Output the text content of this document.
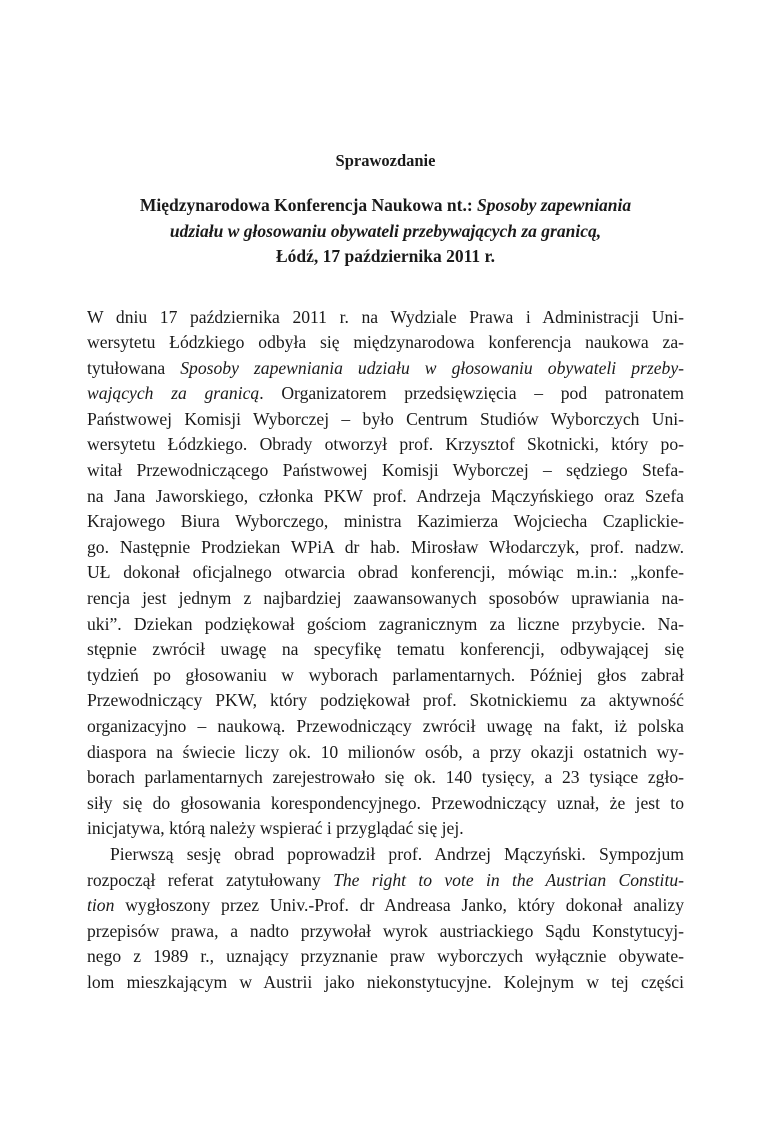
Sprawozdanie
Międzynarodowa Konferencja Naukowa nt.: Sposoby zapewniania
udziału w głosowaniu obywateli przebywających za granicą,
Łódź, 17 października 2011 r.
W dniu 17 października 2011 r. na Wydziale Prawa i Administracji Uni-
wersytetu Łódzkiego odbyła się międzynarodowa konferencja naukowa za-
tytułowana Sposoby zapewniania udziału w głosowaniu obywateli przeby-
wających za granicą. Organizatorem przedsięwzięcia – pod patronatem
Państwowej Komisji Wyborczej – było Centrum Studiów Wyborczych Uni-
wersytetu Łódzkiego. Obrady otworzył prof. Krzysztof Skotnicki, który po-
witał Przewodniczącego Państwowej Komisji Wyborczej – sędziego Stefa-
na Jana Jaworskiego, członka PKW prof. Andrzeja Mączyńskiego oraz Szefa
Krajowego Biura Wyborczego, ministra Kazimierza Wojciecha Czaplickie-
go. Następnie Prodziekan WPiA dr hab. Mirosław Włodarczyk, prof. nadzw.
UŁ dokonał oficjalnego otwarcia obrad konferencji, mówiąc m.in.: „konfe-
rencja jest jednym z najbardziej zaawansowanych sposobów uprawiania na-
uki”. Dziekan podziękował gościom zagranicznym za liczne przybycie. Na-
stępnie zwrócił uwagę na specyfikę tematu konferencji, odbywającej się
tydzień po głosowaniu w wyborach parlamentarnych. Później głos zabrał
Przewodniczący PKW, który podziękował prof. Skotnickiemu za aktywność
organizacyjno – naukową. Przewodniczący zwrócił uwagę na fakt, iż polska
diaspora na świecie liczy ok. 10 milionów osób, a przy okazji ostatnich wy-
borach parlamentarnych zarejestrowało się ok. 140 tysięcy, a 23 tysiące zgło-
siły się do głosowania korespondencyjnego. Przewodniczący uznał, że jest to
inicjatywa, którą należy wspierać i przyglądać się jej.
Pierwszą sesję obrad poprowadził prof. Andrzej Mączyński. Sympozjum
rozpoczął referat zatytułowany The right to vote in the Austrian Constitu-
tion wygłoszony przez Univ.-Prof. dr Andreasa Janko, który dokonał analizy
przepisów prawa, a nadto przywołał wyrok austriackiego Sądu Konstytucyj-
nego z 1989 r., uznający przyznanie praw wyborczych wyłącznie obywate-
lom mieszkającym w Austrii jako niekonstytucyjne. Kolejnym w tej części
